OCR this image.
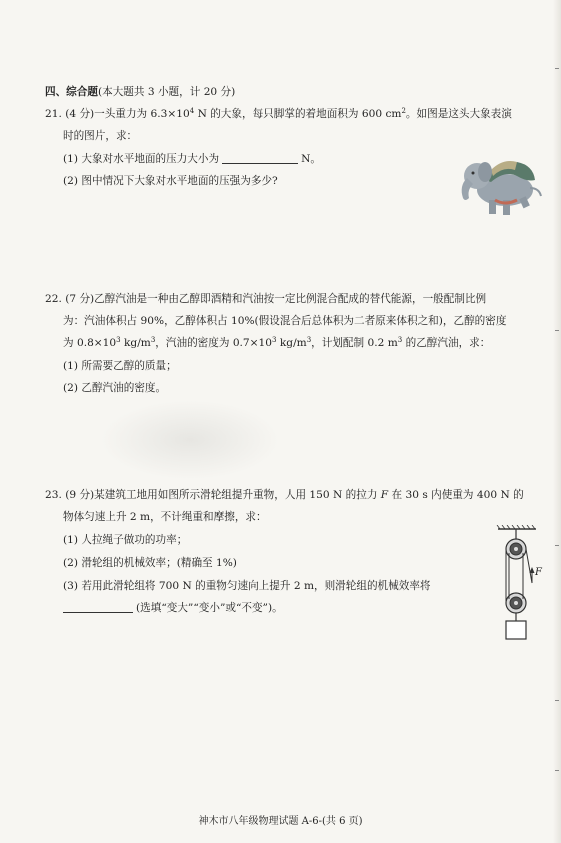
四、综合题(本大题共 3 小题，计 20 分)
21. (4 分)一头重力为 $6.3\times 10^4$ N 的大象，每只脚掌的着地面积为 600 $cm^2$。如图是这头大象表演
时的图片，求：
(1) 大象对水平地面的压力大小为	N。
(2) 图中情况下大象对水平地面的压强为多少?
22. (7 分)乙醇汽油是一种由乙醇即酒精和汽油按一定比例混合配成的替代能源，一般配制比例
为：汽油体积占 90%，乙醇体积占 10%(假设混合后总体积为二者原来体积之和)，乙醇的密度
为 $0.8\times 10^3$ $kg/m^3$，汽油的密度为 $0.7\times 10^3$ $kg/m^3$，计划配制 0.2 $m^3$ 的乙醇汽油，求：
(1) 所需要乙醇的质量；
(2) 乙醇汽油的密度。
23. (9 分)某建筑工地用如图所示滑轮组提升重物，人用 150 N 的拉力 F 在 30 s 内使重为 400 N 的
物体匀速上升 2 m，不计绳重和摩擦，求：
(1) 人拉绳子做功的功率；
(2) 滑轮组的机械效率；(精确至 1%)
(3) 若用此滑轮组将 700 N 的重物匀速向上提升 2 m，则滑轮组的机械效率将
(选填“变大”“变小”或“不变”)。
F
神木市八年级物理试题 A-6-(共 6 页)
